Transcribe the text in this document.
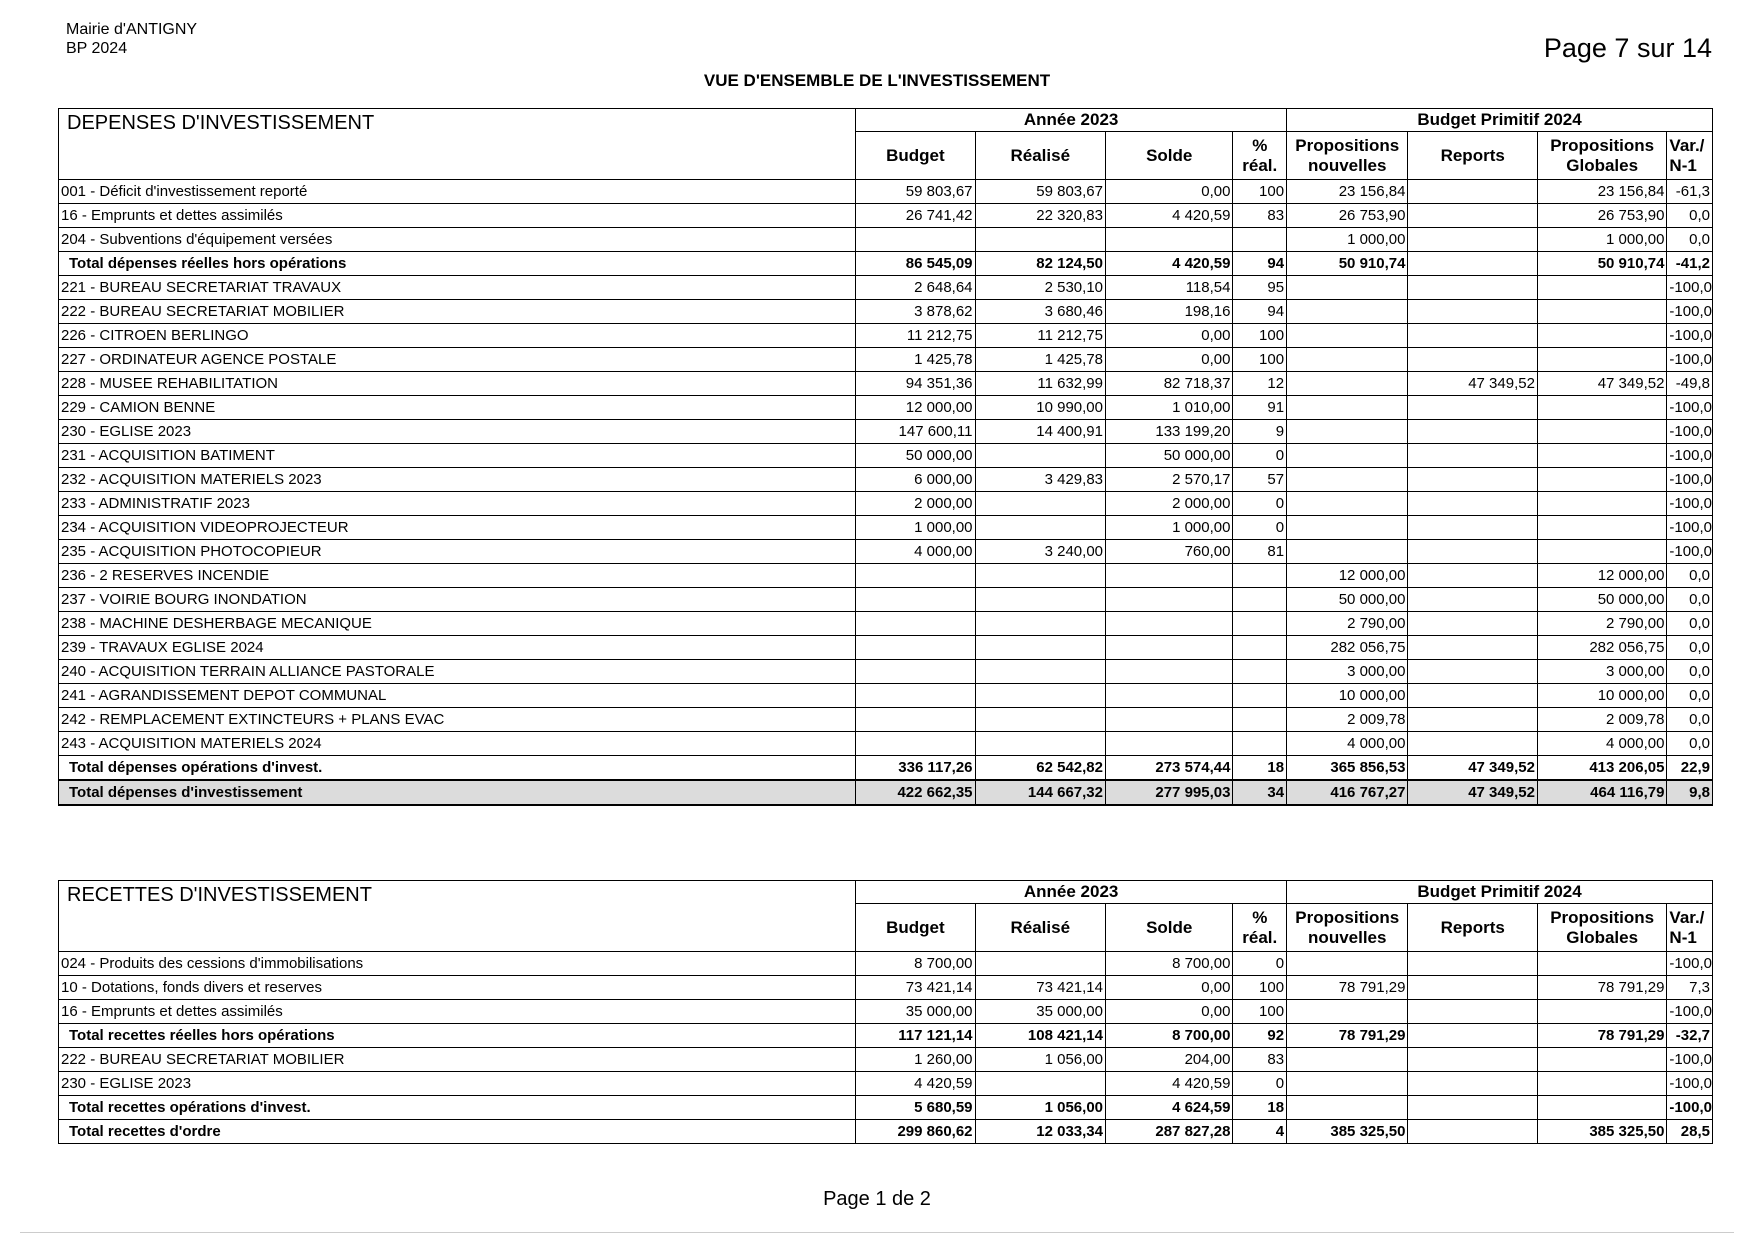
Mairie d'ANTIGNY
BP 2024	Page 7 sur 14
VUE D'ENSEMBLE DE L'INVESTISSEMENT
DEPENSES D'INVESTISSEMENT	Année 2023				Budget Primitif 2024			
	Budget	Réalisé	Solde	% réal.	Propositions nouvelles	Reports	Propositions Globales	Var./ N-1
001 - Déficit d'investissement reporté	59 803,67	59 803,67	0,00	100	23 156,84		23 156,84	-61,3
16 - Emprunts et dettes assimilés	26 741,42	22 320,83	4 420,59	83	26 753,90		26 753,90	0,0
204 - Subventions d'équipement versées					1 000,00		1 000,00	0,0
Total dépenses réelles hors opérations	86 545,09	82 124,50	4 420,59	94	50 910,74		50 910,74	-41,2
221 - BUREAU SECRETARIAT TRAVAUX	2 648,64	2 530,10	118,54	95				-100,0
222 - BUREAU SECRETARIAT MOBILIER	3 878,62	3 680,46	198,16	94				-100,0
226 - CITROEN BERLINGO	11 212,75	11 212,75	0,00	100				-100,0
227 - ORDINATEUR AGENCE POSTALE	1 425,78	1 425,78	0,00	100				-100,0
228 - MUSEE REHABILITATION	94 351,36	11 632,99	82 718,37	12		47 349,52	47 349,52	-49,8
229 - CAMION BENNE	12 000,00	10 990,00	1 010,00	91				-100,0
230 - EGLISE 2023	147 600,11	14 400,91	133 199,20	9				-100,0
231 - ACQUISITION BATIMENT	50 000,00		50 000,00	0				-100,0
232 - ACQUISITION MATERIELS 2023	6 000,00	3 429,83	2 570,17	57				-100,0
233 - ADMINISTRATIF 2023	2 000,00		2 000,00	0				-100,0
234 - ACQUISITION VIDEOPROJECTEUR	1 000,00		1 000,00	0				-100,0
235 - ACQUISITION PHOTOCOPIEUR	4 000,00	3 240,00	760,00	81				-100,0
236 - 2 RESERVES INCENDIE					12 000,00		12 000,00	0,0
237 - VOIRIE BOURG INONDATION					50 000,00		50 000,00	0,0
238 - MACHINE DESHERBAGE MECANIQUE					2 790,00		2 790,00	0,0
239 - TRAVAUX EGLISE 2024					282 056,75		282 056,75	0,0
240 - ACQUISITION TERRAIN ALLIANCE PASTORALE					3 000,00		3 000,00	0,0
241 - AGRANDISSEMENT DEPOT COMMUNAL					10 000,00		10 000,00	0,0
242 - REMPLACEMENT EXTINCTEURS + PLANS EVAC					2 009,78		2 009,78	0,0
243 - ACQUISITION MATERIELS 2024					4 000,00		4 000,00	0,0
Total dépenses opérations d'invest.	336 117,26	62 542,82	273 574,44	18	365 856,53	47 349,52	413 206,05	22,9
Total dépenses d'investissement	422 662,35	144 667,32	277 995,03	34	416 767,27	47 349,52	464 116,79	9,8
RECETTES D'INVESTISSEMENT	Année 2023				Budget Primitif 2024			
	Budget	Réalisé	Solde	% réal.	Propositions nouvelles	Reports	Propositions Globales	Var./ N-1
024 - Produits des cessions d'immobilisations	8 700,00		8 700,00	0				-100,0
10 - Dotations, fonds divers et reserves	73 421,14	73 421,14	0,00	100	78 791,29		78 791,29	7,3
16 - Emprunts et dettes assimilés	35 000,00	35 000,00	0,00	100				-100,0
Total recettes réelles hors opérations	117 121,14	108 421,14	8 700,00	92	78 791,29		78 791,29	-32,7
222 - BUREAU SECRETARIAT MOBILIER	1 260,00	1 056,00	204,00	83				-100,0
230 - EGLISE 2023	4 420,59		4 420,59	0				-100,0
Total recettes opérations d'invest.	5 680,59	1 056,00	4 624,59	18				-100,0
Total recettes d'ordre	299 860,62	12 033,34	287 827,28	4	385 325,50		385 325,50	28,5
Page 1 de 2
